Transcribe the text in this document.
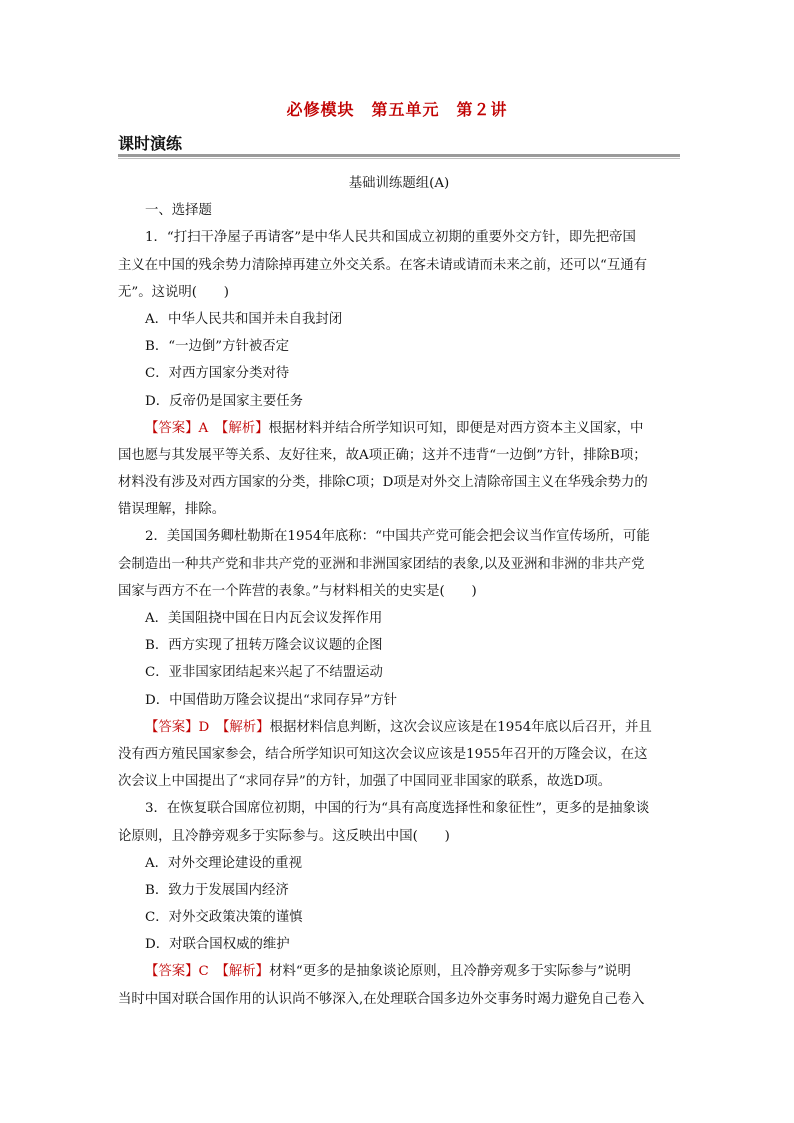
必修模块　第五单元　第２讲
课时演练
基础训练题组(A)
一、选择题
1．“打扫干净屋子再请客”是中华人民共和国成立初期的重要外交方针，即先把帝国
主义在中国的残余势力清除掉再建立外交关系。在客未请或请而未来之前，还可以“互通有
无”。这说明(　　)
A．中华人民共和国并未自我封闭
B．“一边倒”方针被否定
C．对西方国家分类对待
D．反帝仍是国家主要任务
【答案】A　【解析】根据材料并结合所学知识可知，即便是对西方资本主义国家，中
国也愿与其发展平等关系、友好往来，故A项正确；这并不违背“一边倒”方针，排除B项；
材料没有涉及对西方国家的分类，排除C项；D项是对外交上清除帝国主义在华残余势力的
错误理解，排除。
2．美国国务卿杜勒斯在1954年底称：“中国共产党可能会把会议当作宣传场所，可能
会制造出一种共产党和非共产党的亚洲和非洲国家团结的表象,以及亚洲和非洲的非共产党
国家与西方不在一个阵营的表象。”与材料相关的史实是(　　)
A．美国阻挠中国在日内瓦会议发挥作用
B．西方实现了扭转万隆会议议题的企图
C．亚非国家团结起来兴起了不结盟运动
D．中国借助万隆会议提出“求同存异”方针
【答案】D　【解析】根据材料信息判断，这次会议应该是在1954年底以后召开，并且
没有西方殖民国家参会，结合所学知识可知这次会议应该是1955年召开的万隆会议，在这
次会议上中国提出了“求同存异”的方针，加强了中国同亚非国家的联系，故选D项。
3．在恢复联合国席位初期，中国的行为“具有高度选择性和象征性”，更多的是抽象谈
论原则，且冷静旁观多于实际参与。这反映出中国(　　)
A．对外交理论建设的重视
B．致力于发展国内经济
C．对外交政策决策的谨慎
D．对联合国权威的维护
【答案】C　【解析】材料“更多的是抽象谈论原则，且冷静旁观多于实际参与”说明
当时中国对联合国作用的认识尚不够深入,在处理联合国多边外交事务时竭力避免自己卷入
